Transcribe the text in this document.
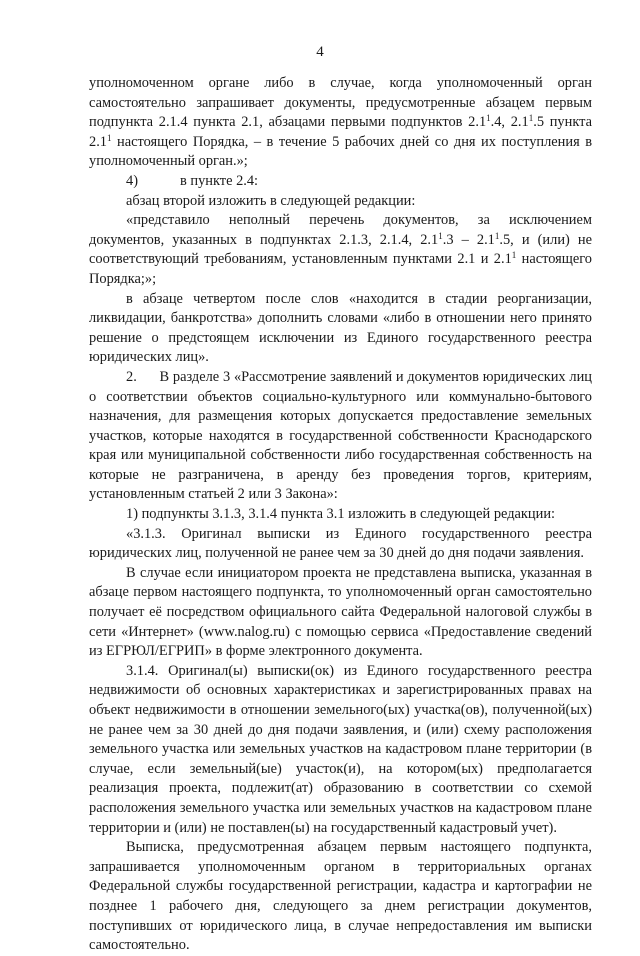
4

уполномоченном органе либо в случае, когда уполномоченный орган самостоятельно запрашивает документы, предусмотренные абзацем первым подпункта 2.1.4 пункта 2.1, абзацами первыми подпунктов $2.1^1.4$, $2.1^1.5$ пункта $2.1^1$ настоящего Порядка, – в течение 5 рабочих дней со дня их поступления в уполномоченный орган.»;

4)	в пункте 2.4:

абзац второй изложить в следующей редакции:

«представило неполный перечень документов, за исключением документов, указанных в подпунктах 2.1.3, 2.1.4, $2.1^1.3 - 2.1^1.5$, и (или) не соответствующий требованиям, установленным пунктами 2.1 и $2.1^1$ настоящего Порядка;»;

в абзаце четвертом после слов «находится в стадии реорганизации, ликвидации, банкротства» дополнить словами «либо в отношении него принято решение о предстоящем исключении из Единого государственного реестра юридических лиц».

2.      В разделе 3 «Рассмотрение заявлений и документов юридических лиц о соответствии объектов социально-культурного или коммунально-бытового назначения, для размещения которых допускается предоставление земельных участков, которые находятся в государственной собственности Краснодарского края или муниципальной собственности либо государственная собственность на которые не разграничена, в аренду без проведения торгов, критериям, установленным статьей 2 или 3 Закона»:

1) подпункты 3.1.3, 3.1.4 пункта 3.1 изложить в следующей редакции:

«3.1.3. Оригинал выписки из Единого государственного реестра юридических лиц, полученной не ранее чем за 30 дней до дня подачи заявления.

В случае если инициатором проекта не представлена выписка, указанная в абзаце первом настоящего подпункта, то уполномоченный орган самостоятельно получает её посредством официального сайта Федеральной налоговой службы в сети «Интернет» (www.nalog.ru) с помощью сервиса «Предоставление сведений из ЕГРЮЛ/ЕГРИП» в форме электронного документа.

3.1.4. Оригинал(ы) выписки(ок) из Единого государственного реестра недвижимости об основных характеристиках и зарегистрированных правах на объект недвижимости в отношении земельного(ых) участка(ов), полученной(ых) не ранее чем за 30 дней до дня подачи заявления, и (или) схему расположения земельного участка или земельных участков на кадастровом плане территории (в случае, если земельный(ые) участок(и), на котором(ых) предполагается реализация проекта, подлежит(ат) образованию в соответствии со схемой расположения земельного участка или земельных участков на кадастровом плане территории и (или) не поставлен(ы) на государственный кадастровый учет).

Выписка, предусмотренная абзацем первым настоящего подпункта, запрашивается уполномоченным органом в территориальных органах Федеральной службы государственной регистрации, кадастра и картографии не позднее 1 рабочего дня, следующего за днем регистрации документов, поступивших от юридического лица, в случае непредоставления им выписки самостоятельно.
